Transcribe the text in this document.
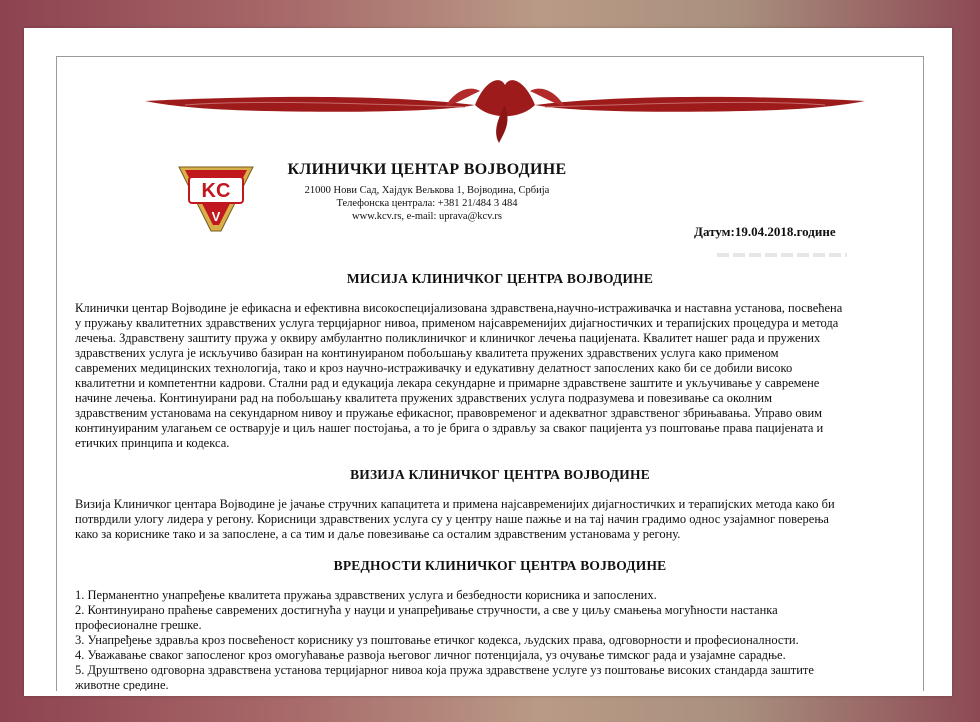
KC
V
КЛИНИЧКИ ЦЕНТАР ВОЈВОДИНЕ
21000 Нови Сад, Хајдук Вељкова 1, Војводина, Србија
Телефонска централа: +381 21/484 3 484
www.kcv.rs, e-mail: uprava@kcv.rs
Датум:19.04.2018.године
МИСИЈА КЛИНИЧКОГ ЦЕНТРА ВОЈВОДИНЕ
Клинички центар Војводине је ефикасна и ефективна високоспецијализована здравствена,научно-истраживачка и наставна установа, посвећена
у пружању квалитетних здравствених услуга терцијарног нивоа, применом најсавременијих дијагностичких и терапијских процедура и метода
лечења. Здравствену заштиту пружа у оквиру амбулантно поликлиничког и клиничког лечења пацијената. Квалитет нашег рада и пружених
здравствених услуга је искључиво базиран на континуираном побољшању квалитета пружених здравствених услуга како применом
савремених медицинских технологија, тако и кроз научно-истраживачку и едукативну делатност запослених како би се добили високо
квалитетни и компетентни кадрови. Стални рад и едукација лекара секундарне и примарне здравствене заштите и укључивање у савремене
начине лечења. Континуирани рад на побољшању квалитета пружених здравствених услуга подразумева и повезивање са околним
здравственим установама на секундарном нивоу и пружање ефикасног, правовременог и адекватног здравственог збрињавања. Управо овим
континуираним улагањем се остварује и циљ нашег постојања, а то је брига о здрављу за сваког пацијента уз поштовање права пацијената и
етичких принципа и кодекса.
ВИЗИЈА КЛИНИЧКОГ ЦЕНТРА ВОЈВОДИНЕ
Визија Клиничког центара Војводине је јачање стручних капацитета и примена најсавременијих дијагностичких и терапијских метода како би
потврдили улогу лидера у регону. Корисници здравствених услуга су у центру наше пажње и на тај начин градимо однос узајамног поверења
како за кориснике тако и за запослене, а са тим и даље повезивање са осталим здравственим установама у регону.
ВРЕДНОСТИ КЛИНИЧКОГ ЦЕНТРА ВОЈВОДИНЕ
1. Перманентно унапређење квалитета пружања здравствених услуга и безбедности корисника и запослених.
2. Континуирано праћење савремених достигнућа у науци и унапређивање стручности, а све у циљу смањења могућности настанка
професионалне грешке.
3. Унапређење здравља кроз посвећеност кориснику уз поштовање етичког кодекса, људских права, одговорности и професионалности.
4. Уважавање сваког запосленог кроз омогућавање развоја његовог личног потенцијала, уз очување тимског рада и узајамне сарадње.
5. Друштвено одговорна здравствена установа терцијарног нивоа која пружа здравствене услуге уз поштовање високих стандарда заштите
животне средине.
